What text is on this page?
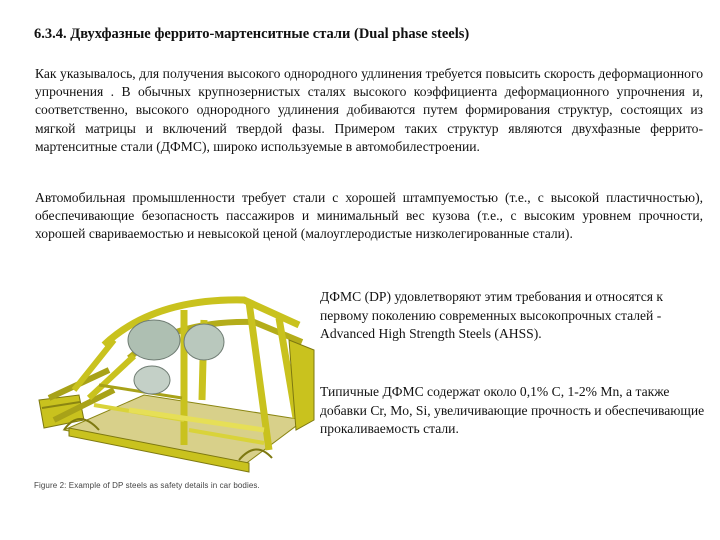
6.3.4. Двухфазные феррито-мартенситные стали (Dual phase steels)
Как указывалось, для получения высокого однородного удлинения требуется повысить скорость деформационного упрочнения . В обычных крупнозернистых сталях высокого коэффициента деформационного упрочнения и, соответственно, высокого однородного удлинения добиваются путем формирования структур, состоящих из мягкой матрицы и включений твердой фазы. Примером таких структур являются двухфазные феррито-мартенситные стали (ДФМС), широко используемые в автомобилестроении.
Автомобильная промышленности требует стали с хорошей штампуемостью (т.е., с высокой пластичностью), обеспечивающие безопасность пассажиров и минимальный вес кузова (т.е., с высоким уровнем прочности, хорошей свариваемостью и невысокой ценой (малоуглеродистые низколегированные стали).
Figure 2: Example of DP steels as safety details in car bodies.
ДФМС (DP) удовлетворяют этим требования и относятся к первому поколению современных высокопрочных сталей - Advanced High Strength Steels (AHSS).
Типичные ДФМС содержат около 0,1% С, 1-2% Mn, а также добавки Cr, Mo, Si, увеличивающие прочность и обеспечивающие прокаливаемость стали.
